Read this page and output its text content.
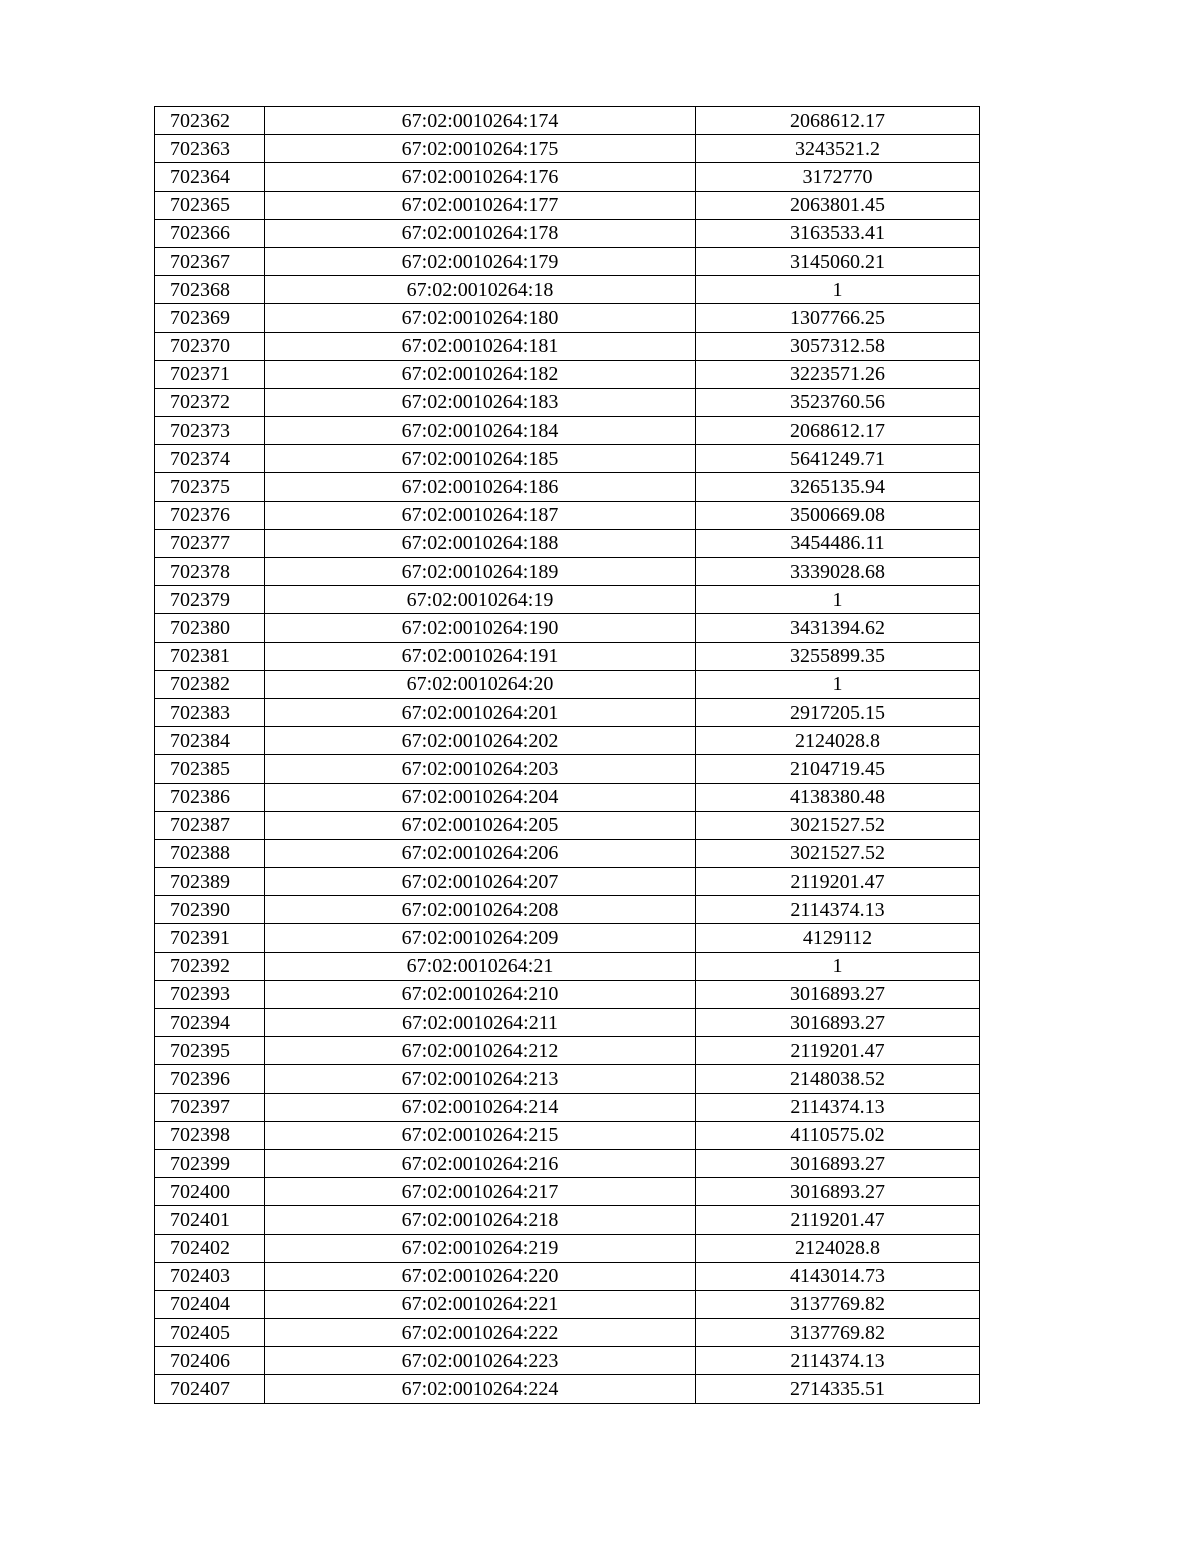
702362	67:02:0010264:174	2068612.17
702363	67:02:0010264:175	3243521.2
702364	67:02:0010264:176	3172770
702365	67:02:0010264:177	2063801.45
702366	67:02:0010264:178	3163533.41
702367	67:02:0010264:179	3145060.21
702368	67:02:0010264:18	1
702369	67:02:0010264:180	1307766.25
702370	67:02:0010264:181	3057312.58
702371	67:02:0010264:182	3223571.26
702372	67:02:0010264:183	3523760.56
702373	67:02:0010264:184	2068612.17
702374	67:02:0010264:185	5641249.71
702375	67:02:0010264:186	3265135.94
702376	67:02:0010264:187	3500669.08
702377	67:02:0010264:188	3454486.11
702378	67:02:0010264:189	3339028.68
702379	67:02:0010264:19	1
702380	67:02:0010264:190	3431394.62
702381	67:02:0010264:191	3255899.35
702382	67:02:0010264:20	1
702383	67:02:0010264:201	2917205.15
702384	67:02:0010264:202	2124028.8
702385	67:02:0010264:203	2104719.45
702386	67:02:0010264:204	4138380.48
702387	67:02:0010264:205	3021527.52
702388	67:02:0010264:206	3021527.52
702389	67:02:0010264:207	2119201.47
702390	67:02:0010264:208	2114374.13
702391	67:02:0010264:209	4129112
702392	67:02:0010264:21	1
702393	67:02:0010264:210	3016893.27
702394	67:02:0010264:211	3016893.27
702395	67:02:0010264:212	2119201.47
702396	67:02:0010264:213	2148038.52
702397	67:02:0010264:214	2114374.13
702398	67:02:0010264:215	4110575.02
702399	67:02:0010264:216	3016893.27
702400	67:02:0010264:217	3016893.27
702401	67:02:0010264:218	2119201.47
702402	67:02:0010264:219	2124028.8
702403	67:02:0010264:220	4143014.73
702404	67:02:0010264:221	3137769.82
702405	67:02:0010264:222	3137769.82
702406	67:02:0010264:223	2114374.13
702407	67:02:0010264:224	2714335.51
